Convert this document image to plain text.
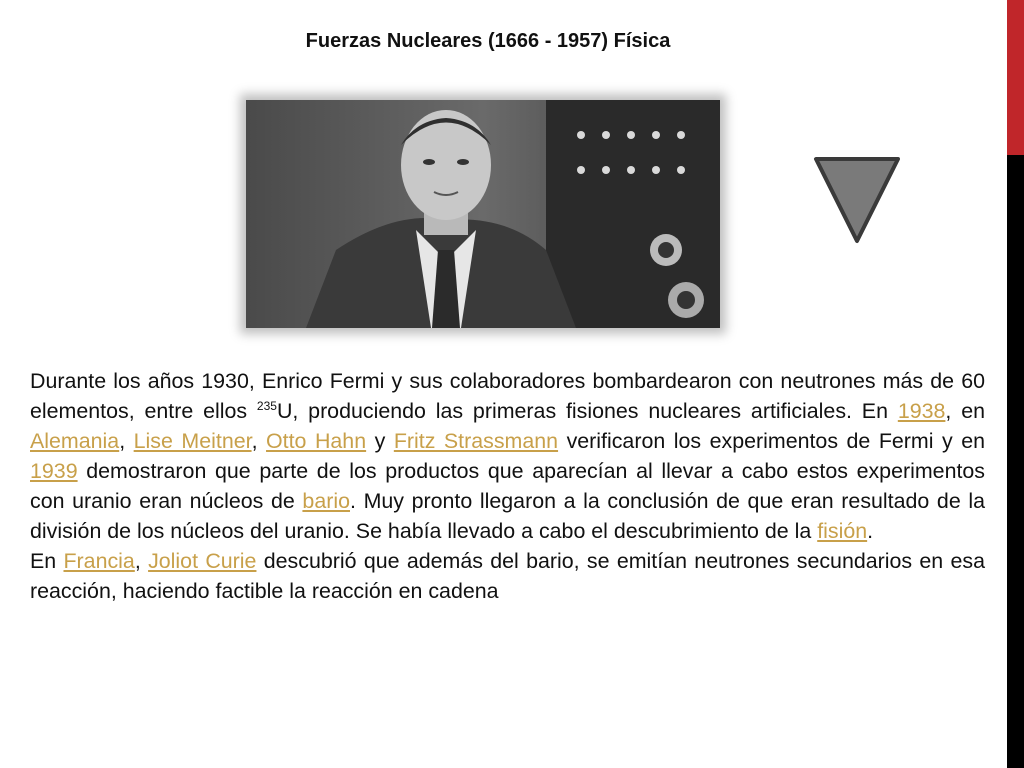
Fuerzas Nucleares (1666 - 1957) Física

Durante los años 1930, Enrico Fermi y sus colaboradores bombardearon con neutrones más de 60 elementos, entre ellos $^{235}$U, produciendo las primeras fisiones nucleares artificiales. En 1938, en Alemania, Lise Meitner, Otto Hahn y Fritz Strassmann verificaron los experimentos de Fermi y en 1939 demostraron que parte de los productos que aparecían al llevar a cabo estos experimentos con uranio eran núcleos de bario. Muy pronto llegaron a la conclusión de que eran resultado de la división de los núcleos del uranio. Se había llevado a cabo el descubrimiento de la fisión.

En Francia, Joliot Curie descubrió que además del bario, se emitían neutrones secundarios en esa reacción, haciendo factible la reacción en cadena
